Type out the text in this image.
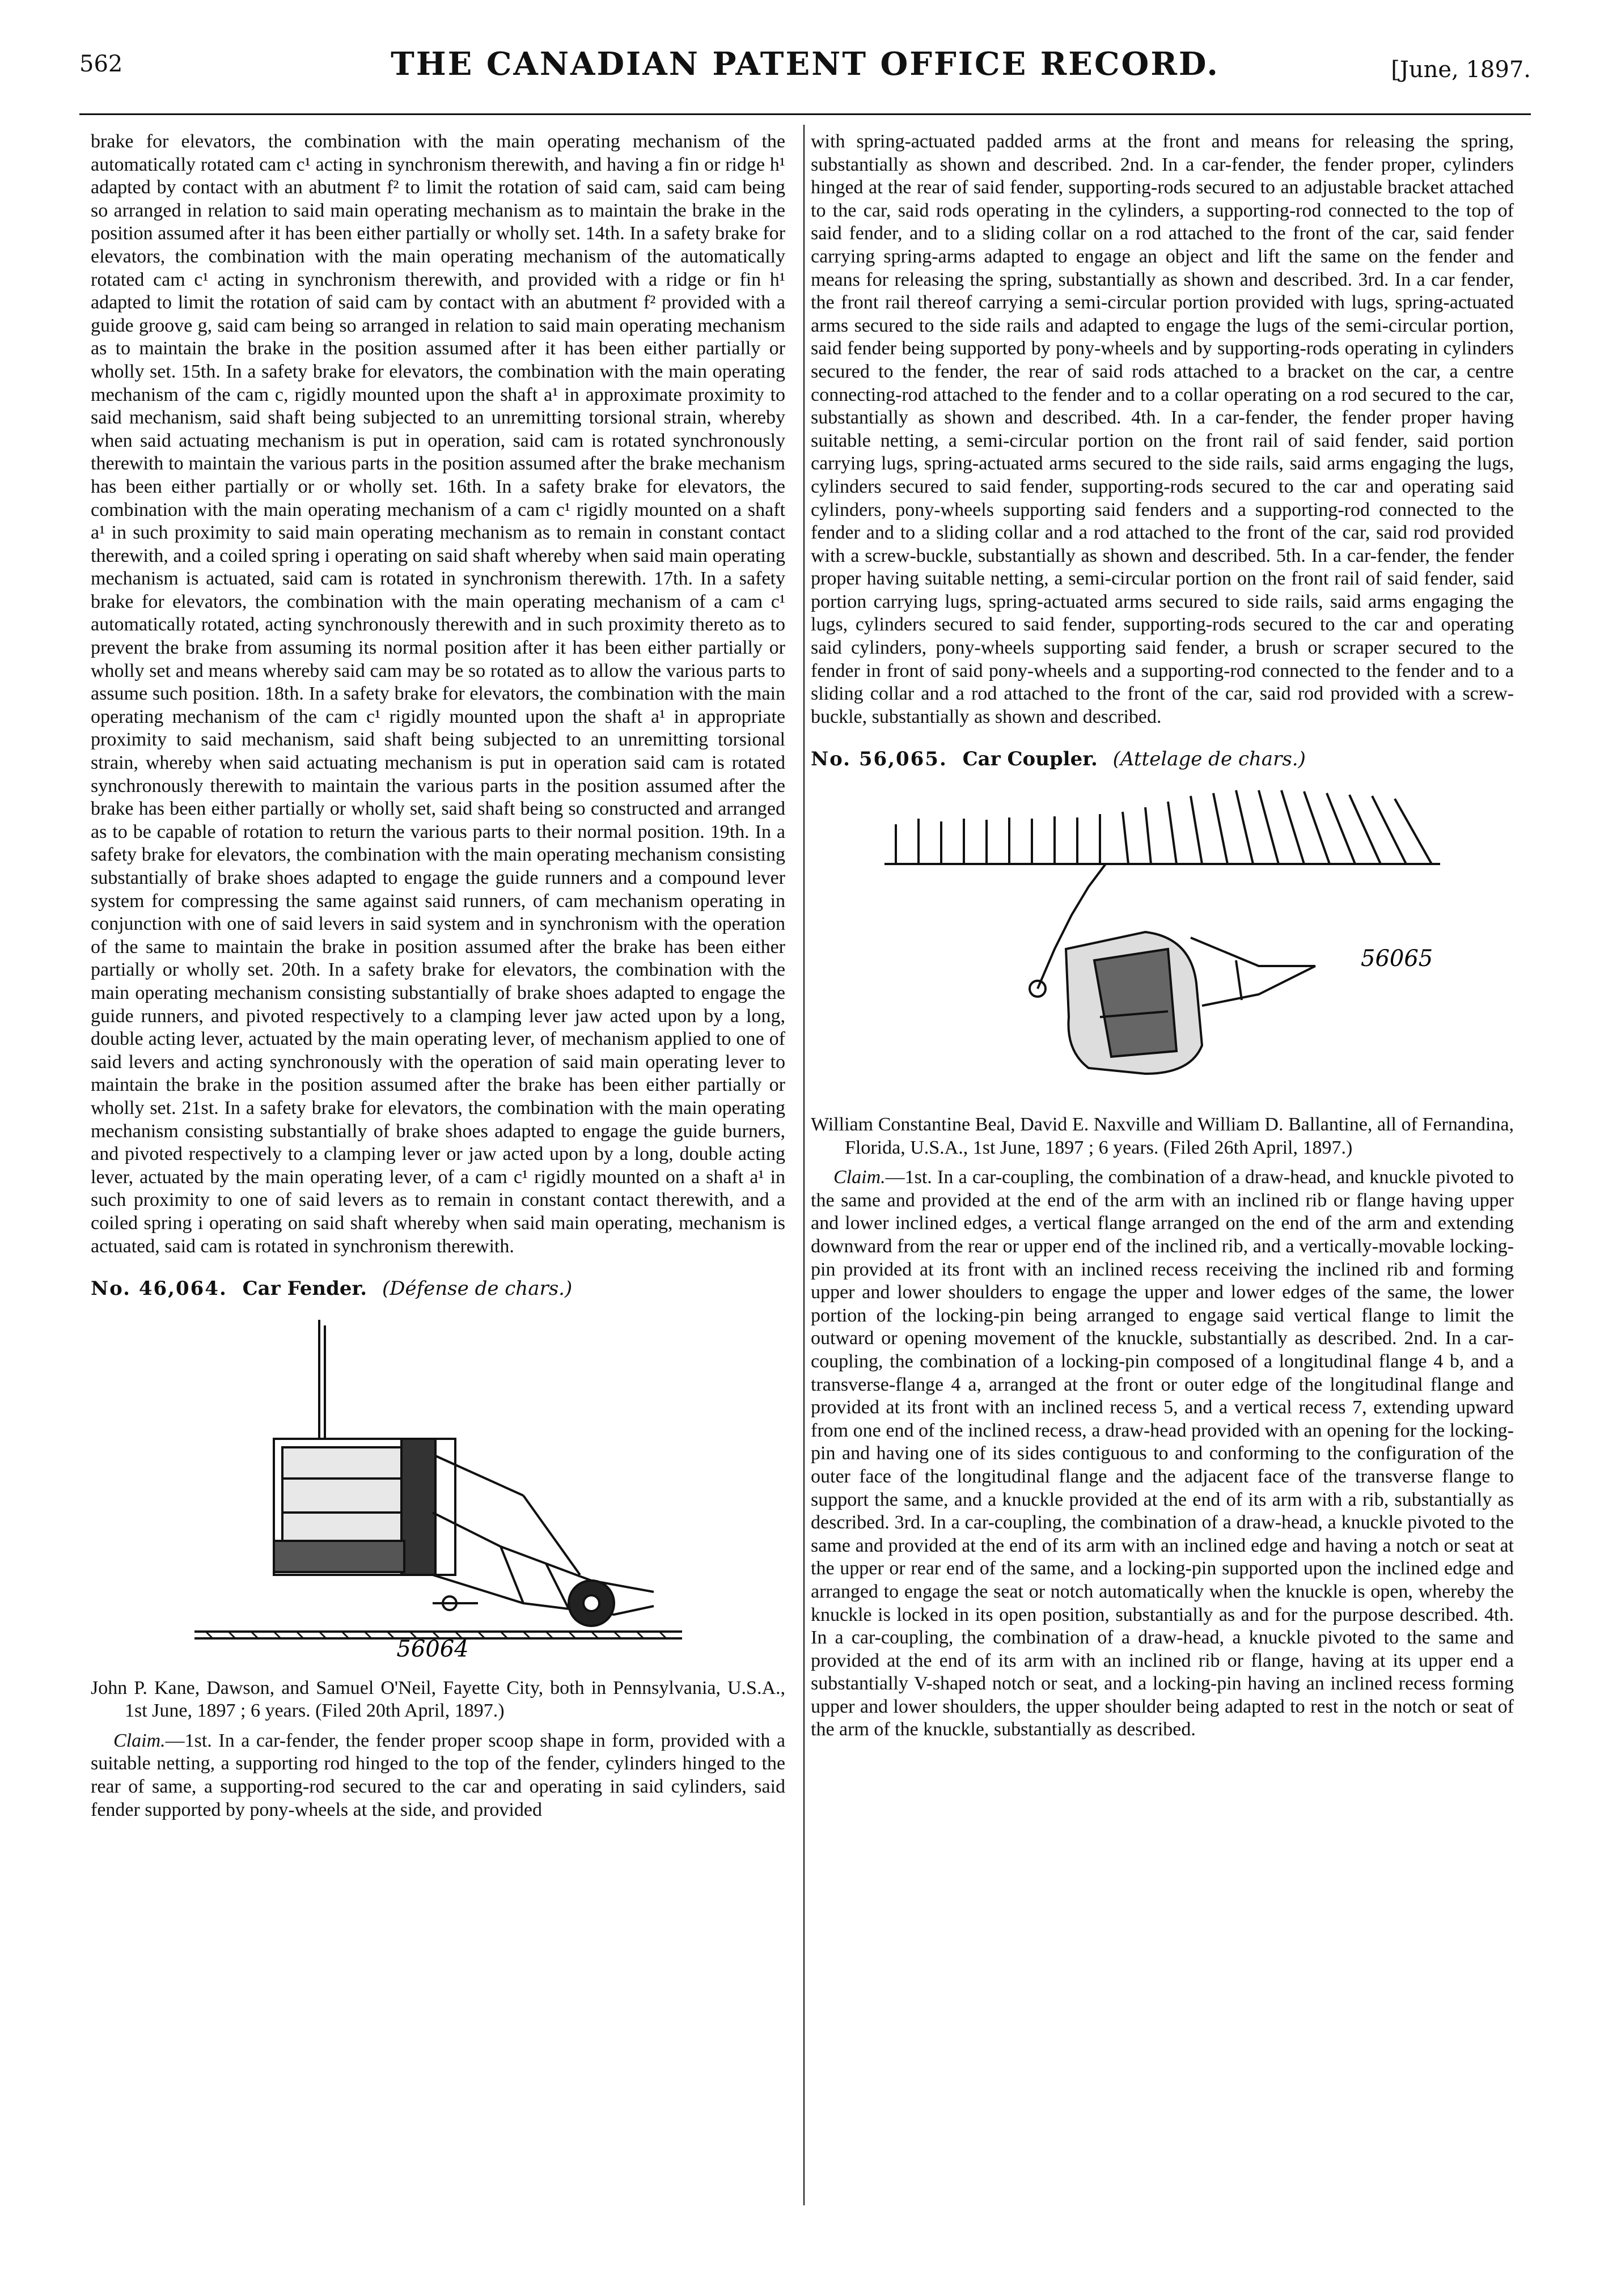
562	THE CANADIAN PATENT OFFICE RECORD.	[June, 1897.

brake for elevators, the combination with the main operating mechanism of the automatically rotated cam c¹ acting in synchronism therewith, and having a fin or ridge h¹ adapted by contact with an abutment f² to limit the rotation of said cam, said cam being so arranged in relation to said main operating mechanism as to maintain the brake in the position assumed after it has been either partially or wholly set. 14th. In a safety brake for elevators, the combination with the main operating mechanism of the automatically rotated cam c¹ acting in synchronism therewith, and provided with a ridge or fin h¹ adapted to limit the rotation of said cam by contact with an abutment f² provided with a guide groove g, said cam being so arranged in relation to said main operating mechanism as to maintain the brake in the position assumed after it has been either partially or wholly set. 15th. In a safety brake for elevators, the combination with the main operating mechanism of the cam c, rigidly mounted upon the shaft a¹ in approximate proximity to said mechanism, said shaft being subjected to an unremitting torsional strain, whereby when said actuating mechanism is put in operation, said cam is rotated synchronously therewith to maintain the various parts in the position assumed after the brake mechanism has been either partially or or wholly set. 16th. In a safety brake for elevators, the combination with the main operating mechanism of a cam c¹ rigidly mounted on a shaft a¹ in such proximity to said main operating mechanism as to remain in constant contact therewith, and a coiled spring i operating on said shaft whereby when said main operating mechanism is actuated, said cam is rotated in synchronism therewith. 17th. In a safety brake for elevators, the combination with the main operating mechanism of a cam c¹ automatically rotated, acting synchronously therewith and in such proximity thereto as to prevent the brake from assuming its normal position after it has been either partially or wholly set and means whereby said cam may be so rotated as to allow the various parts to assume such position. 18th. In a safety brake for elevators, the combination with the main operating mechanism of the cam c¹ rigidly mounted upon the shaft a¹ in appropriate proximity to said mechanism, said shaft being subjected to an unremitting torsional strain, whereby when said actuating mechanism is put in operation said cam is rotated synchronously therewith to maintain the various parts in the position assumed after the brake has been either partially or wholly set, said shaft being so constructed and arranged as to be capable of rotation to return the various parts to their normal position. 19th. In a safety brake for elevators, the combination with the main operating mechanism consisting substantially of brake shoes adapted to engage the guide runners and a compound lever system for compressing the same against said runners, of cam mechanism operating in conjunction with one of said levers in said system and in synchronism with the operation of the same to maintain the brake in position assumed after the brake has been either partially or wholly set. 20th. In a safety brake for elevators, the combination with the main operating mechanism consisting substantially of brake shoes adapted to engage the guide runners, and pivoted respectively to a clamping lever jaw acted upon by a long, double acting lever, actuated by the main operating lever, of mechanism applied to one of said levers and acting synchronously with the operation of said main operating lever to maintain the brake in the position assumed after the brake has been either partially or wholly set. 21st. In a safety brake for elevators, the combination with the main operating mechanism consisting substantially of brake shoes adapted to engage the guide burners, and pivoted respectively to a clamping lever or jaw acted upon by a long, double acting lever, actuated by the main operating lever, of a cam c¹ rigidly mounted on a shaft a¹ in such proximity to one of said levers as to remain in constant contact therewith, and a coiled spring i operating on said shaft whereby when said main operating, mechanism is actuated, said cam is rotated in synchronism therewith.

No. 46,064. Car Fender. (Défense de chars.)
56064

John P. Kane, Dawson, and Samuel O'Neil, Fayette City, both in Pennsylvania, U.S.A., 1st June, 1897 ; 6 years. (Filed 20th April, 1897.)

Claim.—1st. In a car-fender, the fender proper scoop shape in form, provided with a suitable netting, a supporting rod hinged to the top of the fender, cylinders hinged to the rear of same, a supporting-rod secured to the car and operating in said cylinders, said fender supported by pony-wheels at the side, and provided

with spring-actuated padded arms at the front and means for releasing the spring, substantially as shown and described. 2nd. In a car-fender, the fender proper, cylinders hinged at the rear of said fender, supporting-rods secured to an adjustable bracket attached to the car, said rods operating in the cylinders, a supporting-rod connected to the top of said fender, and to a sliding collar on a rod attached to the front of the car, said fender carrying spring-arms adapted to engage an object and lift the same on the fender and means for releasing the spring, substantially as shown and described. 3rd. In a car fender, the front rail thereof carrying a semi-circular portion provided with lugs, spring-actuated arms secured to the side rails and adapted to engage the lugs of the semi-circular portion, said fender being supported by pony-wheels and by supporting-rods operating in cylinders secured to the fender, the rear of said rods attached to a bracket on the car, a centre connecting-rod attached to the fender and to a collar operating on a rod secured to the car, substantially as shown and described. 4th. In a car-fender, the fender proper having suitable netting, a semi-circular portion on the front rail of said fender, said portion carrying lugs, spring-actuated arms secured to the side rails, said arms engaging the lugs, cylinders secured to said fender, supporting-rods secured to the car and operating said cylinders, pony-wheels supporting said fenders and a supporting-rod connected to the fender and to a sliding collar and a rod attached to the front of the car, said rod provided with a screw-buckle, substantially as shown and described. 5th. In a car-fender, the fender proper having suitable netting, a semi-circular portion on the front rail of said fender, said portion carrying lugs, spring-actuated arms secured to side rails, said arms engaging the lugs, cylinders secured to said fender, supporting-rods secured to the car and operating said cylinders, pony-wheels supporting said fender, a brush or scraper secured to the fender in front of said pony-wheels and a supporting-rod connected to the fender and to a sliding collar and a rod attached to the front of the car, said rod provided with a screw-buckle, substantially as shown and described.

No. 56,065. Car Coupler. (Attelage de chars.)
56065

William Constantine Beal, David E. Naxville and William D. Ballantine, all of Fernandina, Florida, U.S.A., 1st June, 1897 ; 6 years. (Filed 26th April, 1897.)

Claim.—1st. In a car-coupling, the combination of a draw-head, and knuckle pivoted to the same and provided at the end of the arm with an inclined rib or flange having upper and lower inclined edges, a vertical flange arranged on the end of the arm and extending downward from the rear or upper end of the inclined rib, and a vertically-movable locking-pin provided at its front with an inclined recess receiving the inclined rib and forming upper and lower shoulders to engage the upper and lower edges of the same, the lower portion of the locking-pin being arranged to engage said vertical flange to limit the outward or opening movement of the knuckle, substantially as described. 2nd. In a car-coupling, the combination of a locking-pin composed of a longitudinal flange 4 b, and a transverse-flange 4 a, arranged at the front or outer edge of the longitudinal flange and provided at its front with an inclined recess 5, and a vertical recess 7, extending upward from one end of the inclined recess, a draw-head provided with an opening for the locking-pin and having one of its sides contiguous to and conforming to the configuration of the outer face of the longitudinal flange and the adjacent face of the transverse flange to support the same, and a knuckle provided at the end of its arm with a rib, substantially as described. 3rd. In a car-coupling, the combination of a draw-head, a knuckle pivoted to the same and provided at the end of its arm with an inclined edge and having a notch or seat at the upper or rear end of the same, and a locking-pin supported upon the inclined edge and arranged to engage the seat or notch automatically when the knuckle is open, whereby the knuckle is locked in its open position, substantially as and for the purpose described. 4th. In a car-coupling, the combination of a draw-head, a knuckle pivoted to the same and provided at the end of its arm with an inclined rib or flange, having at its upper end a substantially V-shaped notch or seat, and a locking-pin having an inclined recess forming upper and lower shoulders, the upper shoulder being adapted to rest in the notch or seat of the arm of the knuckle, substantially as described.
